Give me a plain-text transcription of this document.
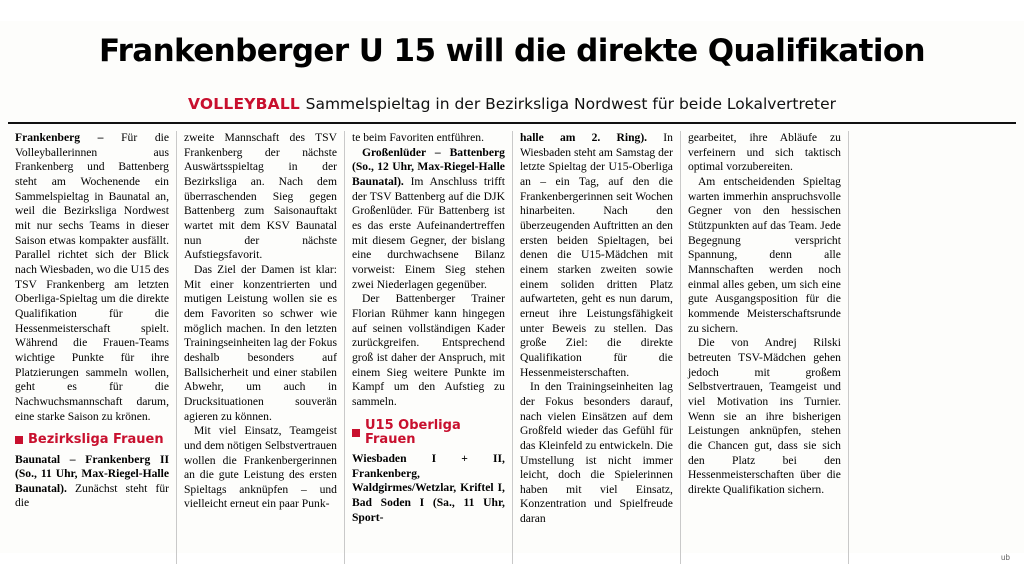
Frankenberger U 15 will die direkte Qualifikation
VOLLEYBALL Sammelspieltag in der Bezirksliga Nordwest für beide Lokalvertreter

Frankenberg – Für die Volleyballerinnen aus Frankenberg und Battenberg steht am Wochenende ein Sammelspieltag in Baunatal an, weil die Bezirksliga Nordwest mit nur sechs Teams in dieser Saison etwas kompakter ausfällt. Parallel richtet sich der Blick nach Wiesbaden, wo die U15 des TSV Frankenberg am letzten Oberliga-Spieltag um die direkte Qualifikation für die Hessenmeisterschaft spielt. Während die Frauen-Teams wichtige Punkte für ihre Platzierungen sammeln wollen, geht es für die Nachwuchsmannschaft darum, eine starke Saison zu krönen.

Bezirksliga Frauen

Baunatal – Frankenberg II (So., 11 Uhr, Max-Riegel-Halle Baunatal). Zunächst steht für die

zweite Mannschaft des TSV Frankenberg der nächste Auswärtsspieltag in der Bezirksliga an. Nach dem überraschenden Sieg gegen Battenberg zum Saisonauftakt wartet mit dem KSV Baunatal nun der nächste Aufstiegsfavorit.

Das Ziel der Damen ist klar: Mit einer konzentrierten und mutigen Leistung wollen sie es dem Favoriten so schwer wie möglich machen. In den letzten Trainingseinheiten lag der Fokus deshalb besonders auf Ballsicherheit und einer stabilen Abwehr, um auch in Drucksituationen souverän agieren zu können.

Mit viel Einsatz, Teamgeist und dem nötigen Selbstvertrauen wollen die Frankenbergerinnen an die gute Leistung des ersten Spieltags anknüpfen – und vielleicht erneut ein paar Punk-

te beim Favoriten entführen.

Großenlüder – Battenberg (So., 12 Uhr, Max-Riegel-Halle Baunatal). Im Anschluss trifft der TSV Battenberg auf die DJK Großenlüder. Für Battenberg ist es das erste Aufeinandertreffen mit diesem Gegner, der bislang eine durchwachsene Bilanz vorweist: Einem Sieg stehen zwei Niederlagen gegenüber.

Der Battenberger Trainer Florian Rühmer kann hingegen auf seinen vollständigen Kader zurückgreifen. Entsprechend groß ist daher der Anspruch, mit einem Sieg weitere Punkte im Kampf um den Aufstieg zu sammeln.

U15 Oberliga Frauen

Wiesbaden I + II, Frankenberg, Waldgirmes/Wetzlar, Kriftel I, Bad Soden I (Sa., 11 Uhr, Sport-

halle am 2. Ring). In Wiesbaden steht am Samstag der letzte Spieltag der U15-Oberliga an – ein Tag, auf den die Frankenbergerinnen seit Wochen hinarbeiten. Nach den überzeugenden Auftritten an den ersten beiden Spieltagen, bei denen die U15-Mädchen mit einem starken zweiten sowie einem soliden dritten Platz aufwarteten, geht es nun darum, erneut ihre Leistungsfähigkeit unter Beweis zu stellen. Das große Ziel: die direkte Qualifikation für die Hessenmeisterschaften.

In den Trainingseinheiten lag der Fokus besonders darauf, nach vielen Einsätzen auf dem Großfeld wieder das Gefühl für das Kleinfeld zu entwickeln. Die Umstellung ist nicht immer leicht, doch die Spielerinnen haben mit viel Einsatz, Konzentration und Spielfreude daran

gearbeitet, ihre Abläufe zu verfeinern und sich taktisch optimal vorzubereiten.

Am entscheidenden Spieltag warten immerhin anspruchsvolle Gegner von den hessischen Stützpunkten auf das Team. Jede Begegnung verspricht Spannung, denn alle Mannschaften werden noch einmal alles geben, um sich eine gute Ausgangsposition für die kommende Meisterschaftsrunde zu sichern.

Die von Andrej Rilski betreuten TSV-Mädchen gehen jedoch mit großem Selbstvertrauen, Teamgeist und viel Motivation ins Turnier. Wenn sie an ihre bisherigen Leistungen anknüpfen, stehen die Chancen gut, dass sie sich den Platz bei den Hessenmeisterschaften über die direkte Qualifikation sichern.

ub
